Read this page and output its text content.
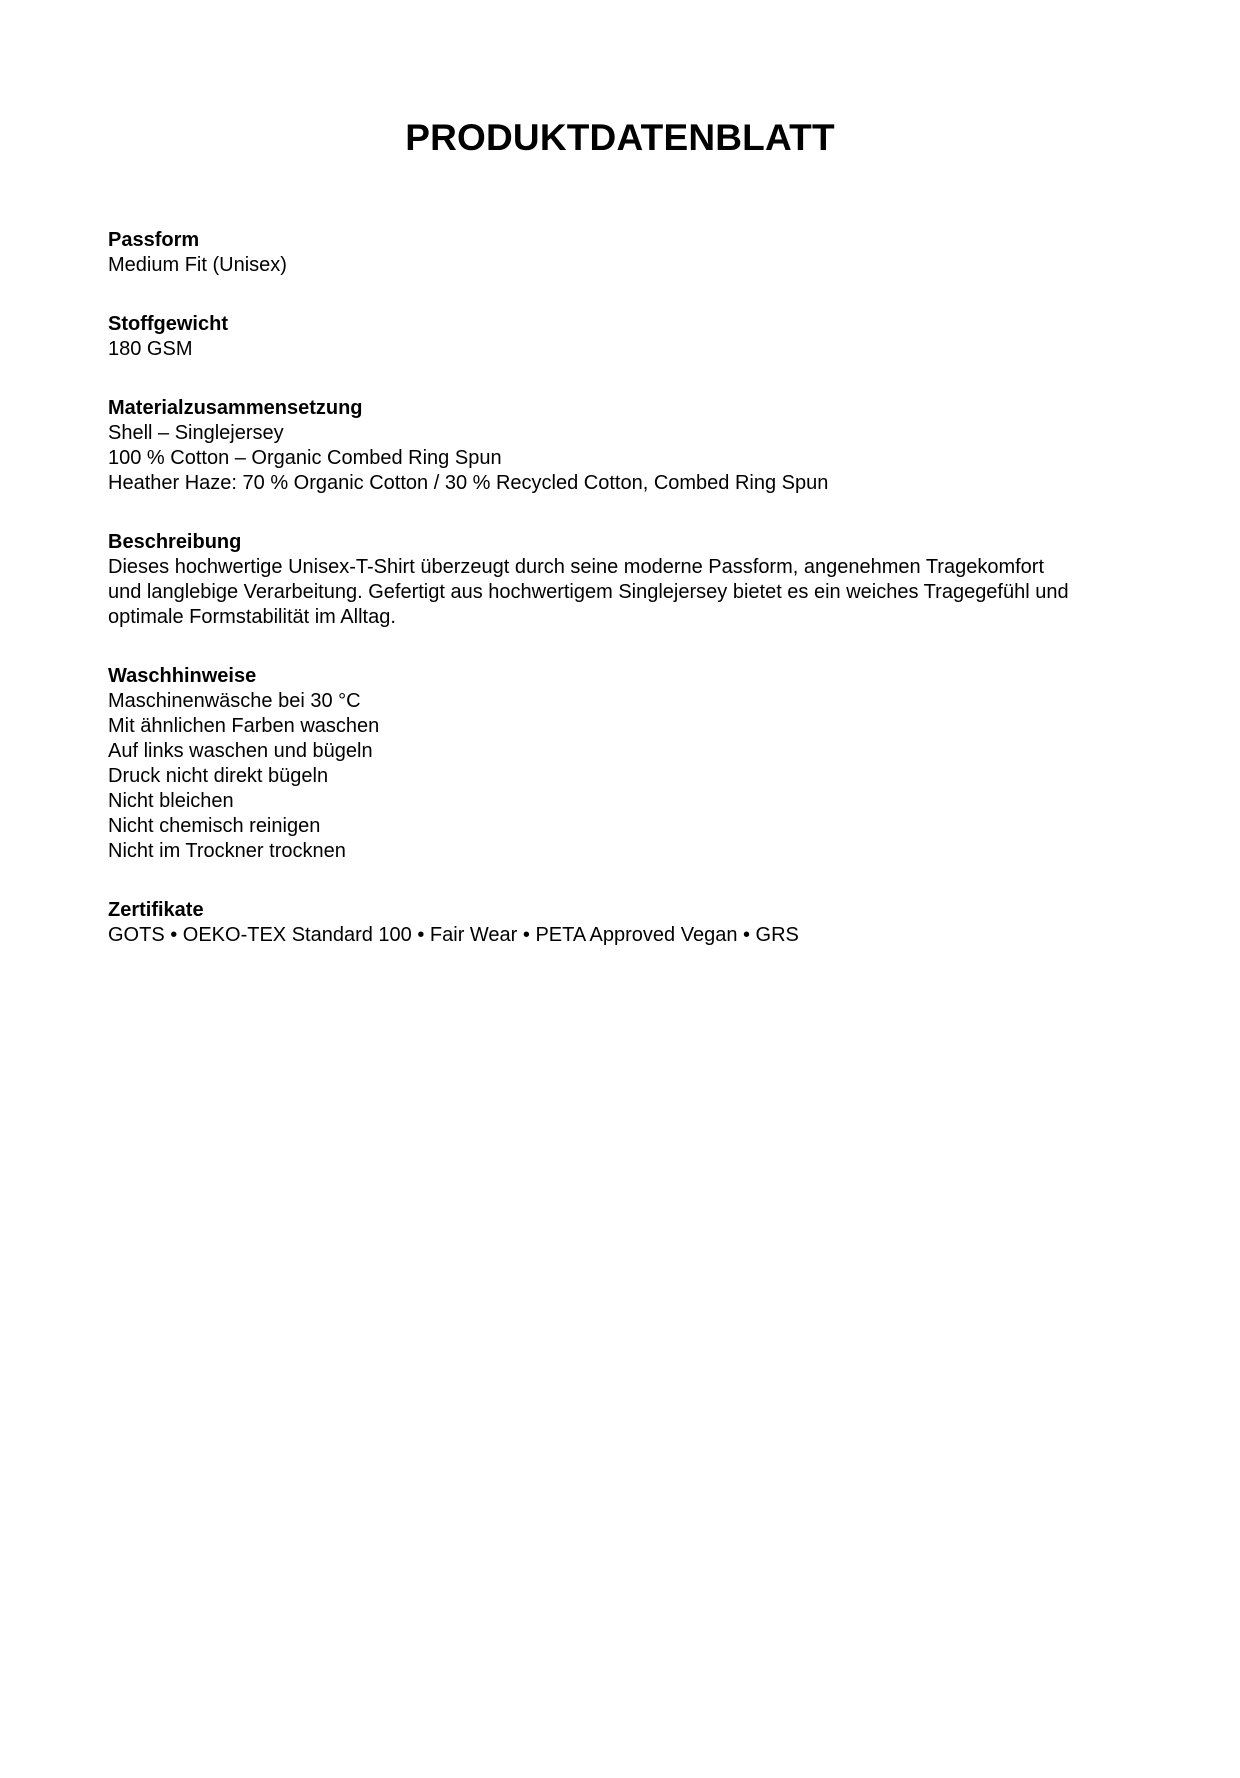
PRODUKTDATENBLATT

Passform

Medium Fit (Unisex)

Stoffgewicht

180 GSM

Materialzusammensetzung

Shell – Singlejersey

100 % Cotton – Organic Combed Ring Spun

Heather Haze: 70 % Organic Cotton / 30 % Recycled Cotton, Combed Ring Spun

Beschreibung

Dieses hochwertige Unisex-T-Shirt überzeugt durch seine moderne Passform, angenehmen Tragekomfort

und langlebige Verarbeitung. Gefertigt aus hochwertigem Singlejersey bietet es ein weiches Tragegefühl und

optimale Formstabilität im Alltag.

Waschhinweise

Maschinenwäsche bei 30 °C

Mit ähnlichen Farben waschen

Auf links waschen und bügeln

Druck nicht direkt bügeln

Nicht bleichen

Nicht chemisch reinigen

Nicht im Trockner trocknen

Zertifikate

GOTS • OEKO-TEX Standard 100 • Fair Wear • PETA Approved Vegan • GRS
